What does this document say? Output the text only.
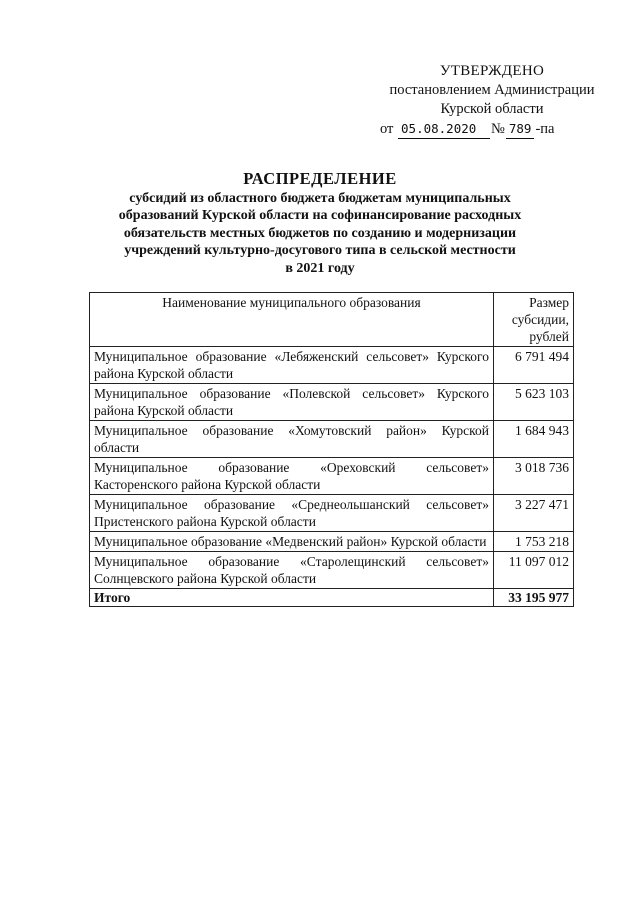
УТВЕРЖДЕНО
постановлением Администрации
Курской области
от 05.08.2020 № 789 -па
РАСПРЕДЕЛЕНИЕ
субсидий из областного бюджета бюджетам муниципальных
образований Курской области на софинансирование расходных
обязательств местных бюджетов по созданию и модернизации
учреждений культурно-досугового типа в сельской местности
в 2021 году
Наименование муниципального образования	Размер
субсидии,
рублей

Муниципальное образование «Лебяженский сельсовет» Курского района Курской области	6 791 494
Муниципальное образование «Полевской сельсовет» Курского района Курской области	5 623 103
Муниципальное образование «Хомутовский район» Курской области	1 684 943
Муниципальное образование «Ореховский сельсовет» Касторенского района Курской области	3 018 736
Муниципальное образование «Среднеольшанский сельсовет» Пристенского района Курской области	3 227 471
Муниципальное образование «Медвенский район» Курской области	1 753 218
Муниципальное образование «Старолещинский сельсовет» Солнцевского района Курской области	11 097 012
Итого	33 195 977
